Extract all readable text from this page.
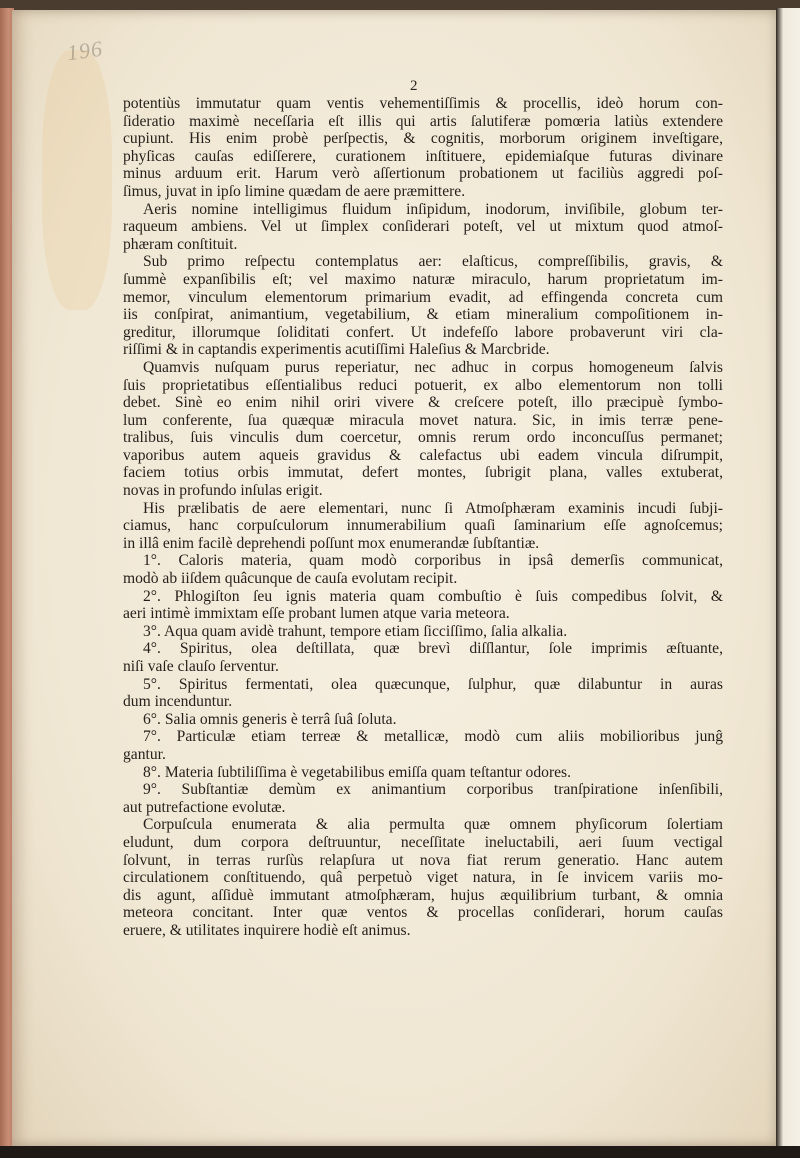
196
2
potentiùs immutatur quam ventis vehementiſſimis & procellis, ideò horum con-
ſideratio maximè neceſſaria eſt illis qui artis ſalutiferæ pomœria latiùs extendere
cupiunt. His enim probè perſpectis, & cognitis, morborum originem inveſtigare,
phyſicas cauſas ediſſerere, curationem inſtituere, epidemiaſque futuras divinare
minus arduum erit. Harum verò aſſertionum probationem ut faciliùs aggredi poſ-
ſimus, juvat in ipſo limine quædam de aere præmittere.
Aeris nomine intelligimus fluidum inſipidum, inodorum, inviſibile, globum ter-
raqueum ambiens. Vel ut ſimplex conſiderari poteſt, vel ut mixtum quod atmoſ-
phæram conſtituit.
Sub primo reſpectu contemplatus aer: elaſticus, compreſſibilis, gravis, &
ſummè expanſibilis eſt; vel maximo naturæ miraculo, harum proprietatum im-
memor, vinculum elementorum primarium evadit, ad effingenda concreta cum
iis conſpirat, animantium, vegetabilium, & etiam mineralium compoſitionem in-
greditur, illorumque ſoliditati confert. Ut indefeſſo labore probaverunt viri cla-
riſſimi & in captandis experimentis acutiſſimi Haleſius & Marcbride.
Quamvis nuſquam purus reperiatur, nec adhuc in corpus homogeneum ſalvis
ſuis proprietatibus eſſentialibus reduci potuerit, ex albo elementorum non tolli
debet. Sinè eo enim nihil oriri vivere & creſcere poteſt, illo præcipuè ſymbo-
lum conferente, ſua quæquæ miracula movet natura. Sic, in imis terræ pene-
tralibus, ſuis vinculis dum coercetur, omnis rerum ordo inconcuſſus permanet;
vaporibus autem aqueis gravidus & calefactus ubi eadem vincula diſrumpit,
faciem totius orbis immutat, defert montes, ſubrigit plana, valles extuberat,
novas in profundo inſulas erigit.
His prælibatis de aere elementari, nunc ſi Atmoſphæram examinis incudi ſubji-
ciamus, hanc corpuſculorum innumerabilium quaſi ſaminarium eſſe agnoſcemus;
in illâ enim facilè deprehendi poſſunt mox enumerandæ ſubſtantiæ.
1°. Caloris materia, quam modò corporibus in ipsâ demerſis communicat,
modò ab iiſdem quâcunque de cauſa evolutam recipit.
2°. Phlogiſton ſeu ignis materia quam combuſtio è ſuis compedibus ſolvit, &
aeri intimè immixtam eſſe probant lumen atque varia meteora.
3°. Aqua quam avidè trahunt, tempore etiam ſicciſſimo, ſalia alkalia.
4°. Spiritus, olea deſtillata, quæ brevì diſſlantur, ſole imprimis æſtuante,
niſi vaſe clauſo ſerventur.
5°. Spiritus fermentati, olea quæcunque, ſulphur, quæ dilabuntur in auras
dum incenduntur.
6°. Salia omnis generis è terrâ ſuâ ſoluta.
7°. Particulæ etiam terreæ & metallicæ, modò cum aliis mobilioribus junĝ
gantur.
8°. Materia ſubtiliſſima è vegetabilibus emiſſa quam teſtantur odores.
9°. Subſtantiæ demùm ex animantium corporibus tranſpiratione inſenſibili,
aut putrefactione evolutæ.
Corpuſcula enumerata & alia permulta quæ omnem phyſicorum ſolertiam
eludunt, dum corpora deſtruuntur, neceſſitate ineluctabili, aeri ſuum vectigal
ſolvunt, in terras rurſùs relapſura ut nova fiat rerum generatio. Hanc autem
circulationem conſtituendo, quâ perpetuò viget natura, in ſe invicem variis mo-
dis agunt, aſſiduè immutant atmoſphæram, hujus æquilibrium turbant, & omnia
meteora concitant. Inter quæ ventos & procellas conſiderari, horum cauſas
eruere, & utilitates inquirere hodiè eſt animus.
